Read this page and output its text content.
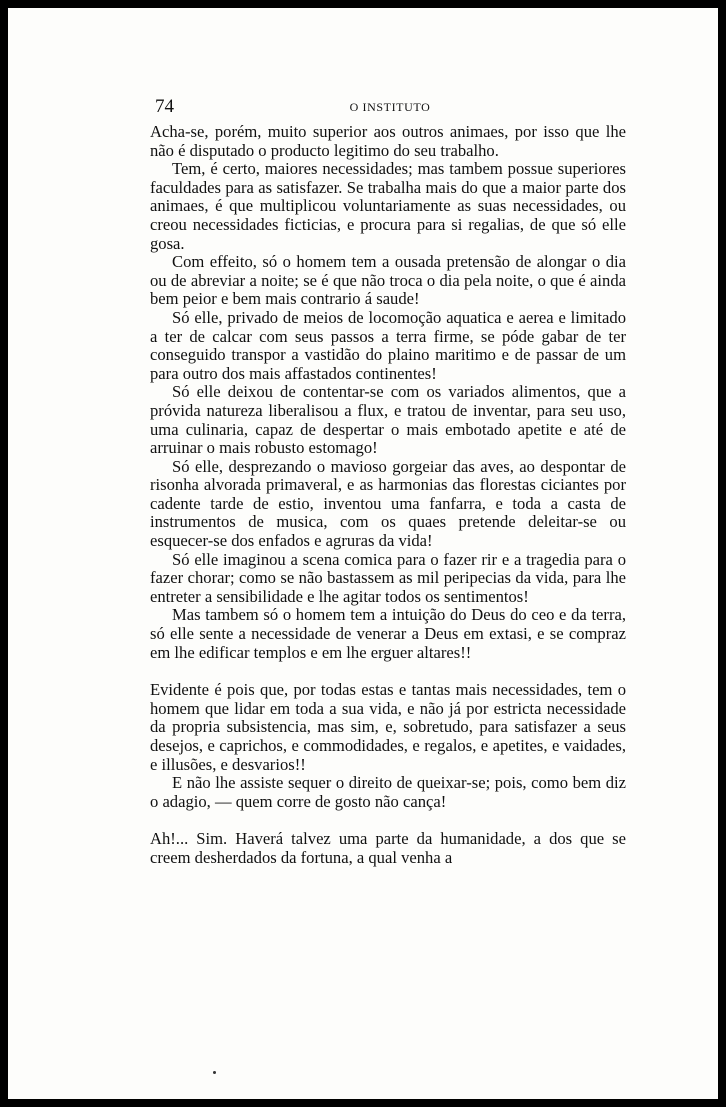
74	O INSTITUTO

Acha-se, porém, muito superior aos outros animaes, por isso que lhe não é disputado o producto legitimo do seu trabalho.

Tem, é certo, maiores necessidades; mas tambem possue superiores faculdades para as satisfazer. Se trabalha mais do que a maior parte dos animaes, é que multiplicou voluntariamente as suas necessidades, ou creou necessidades ficticias, e procura para si regalias, de que só elle gosa.

Com effeito, só o homem tem a ousada pretensão de alongar o dia ou de abreviar a noite; se é que não troca o dia pela noite, o que é ainda bem peior e bem mais contrario á saude!

Só elle, privado de meios de locomoção aquatica e aerea e limitado a ter de calcar com seus passos a terra firme, se póde gabar de ter conseguido transpor a vastidão do plaino maritimo e de passar de um para outro dos mais affastados continentes!

Só elle deixou de contentar-se com os variados alimentos, que a próvida natureza liberalisou a flux, e tratou de inventar, para seu uso, uma culinaria, capaz de despertar o mais embotado apetite e até de arruinar o mais robusto estomago!

Só elle, desprezando o mavioso gorgeiar das aves, ao despontar de risonha alvorada primaveral, e as harmonias das florestas ciciantes por cadente tarde de estio, inventou uma fanfarra, e toda a casta de instrumentos de musica, com os quaes pretende deleitar-se ou esquecer-se dos enfados e agruras da vida!

Só elle imaginou a scena comica para o fazer rir e a tragedia para o fazer chorar; como se não bastassem as mil peripecias da vida, para lhe entreter a sensibilidade e lhe agitar todos os sentimentos!

Mas tambem só o homem tem a intuição do Deus do ceo e da terra, só elle sente a necessidade de venerar a Deus em extasi, e se compraz em lhe edificar templos e em lhe erguer altares!!

Evidente é pois que, por todas estas e tantas mais necessidades, tem o homem que lidar em toda a sua vida, e não já por estricta necessidade da propria subsistencia, mas sim, e, sobretudo, para satisfazer a seus desejos, e caprichos, e commodidades, e regalos, e apetites, e vaidades, e illusões, e desvarios!!

E não lhe assiste sequer o direito de queixar-se; pois, como bem diz o adagio, — quem corre de gosto não cança!

Ah!... Sim. Haverá talvez uma parte da humanidade, a dos que se creem desherdados da fortuna, a qual venha a
